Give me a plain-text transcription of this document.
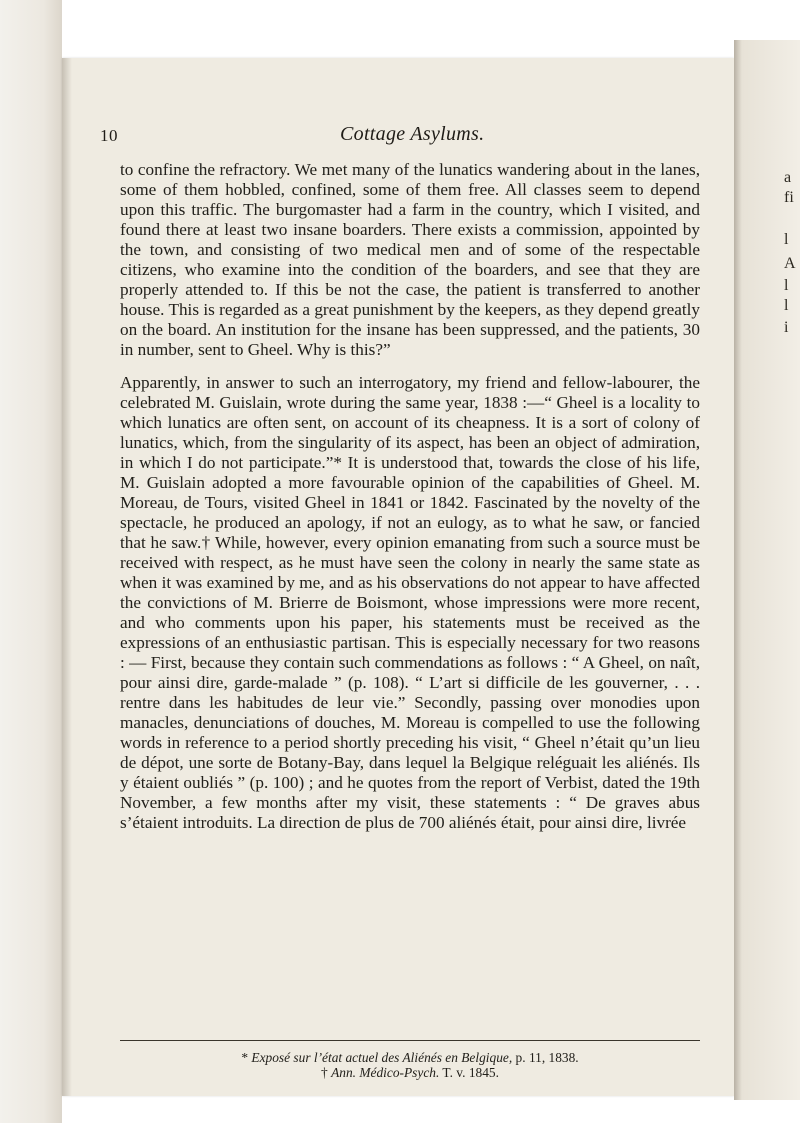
a
fi
l
A
l
l
i
10	Cottage Asylums.

to confine the refractory. We met many of the lunatics wandering about in the lanes, some of them hobbled, confined, some of them free. All classes seem to depend upon this traffic. The burgomaster had a farm in the country, which I visited, and found there at least two insane boarders. There exists a commission, appointed by the town, and consisting of two medical men and of some of the respectable citizens, who examine into the condition of the boarders, and see that they are properly attended to. If this be not the case, the patient is transferred to another house. This is regarded as a great punishment by the keepers, as they depend greatly on the board. An institution for the insane has been suppressed, and the patients, 30 in number, sent to Gheel. Why is this?”

Apparently, in answer to such an interrogatory, my friend and fellow-labourer, the celebrated M. Guislain, wrote during the same year, 1838 :—“ Gheel is a locality to which lunatics are often sent, on account of its cheapness. It is a sort of colony of lunatics, which, from the singularity of its aspect, has been an object of admiration, in which I do not participate.”* It is understood that, towards the close of his life, M. Guislain adopted a more favourable opinion of the capabilities of Gheel. M. Moreau, de Tours, visited Gheel in 1841 or 1842. Fascinated by the novelty of the spectacle, he produced an apology, if not an eulogy, as to what he saw, or fancied that he saw.† While, however, every opinion emanating from such a source must be received with respect, as he must have seen the colony in nearly the same state as when it was examined by me, and as his observations do not appear to have affected the convictions of M. Brierre de Boismont, whose impressions were more recent, and who comments upon his paper, his statements must be received as the expressions of an enthusiastic partisan. This is especially necessary for two reasons : — First, because they contain such commendations as follows : “ A Gheel, on naît, pour ainsi dire, garde-malade ” (p. 108). “ L’art si difficile de les gouverner, . . . rentre dans les habitudes de leur vie.” Secondly, passing over monodies upon manacles, denunciations of douches, M. Moreau is compelled to use the following words in reference to a period shortly preceding his visit, “ Gheel n’était qu’un lieu de dépot, une sorte de Botany-Bay, dans lequel la Belgique reléguait les aliénés. Ils y étaient oubliés ” (p. 100) ; and he quotes from the report of Verbist, dated the 19th November, a few months after my visit, these statements : “ De graves abus s’étaient introduits. La direction de plus de 700 aliénés était, pour ainsi dire, livrée

* Exposé sur l’état actuel des Aliénés en Belgique, p. 11, 1838.

† Ann. Médico-Psych. T. v. 1845.
